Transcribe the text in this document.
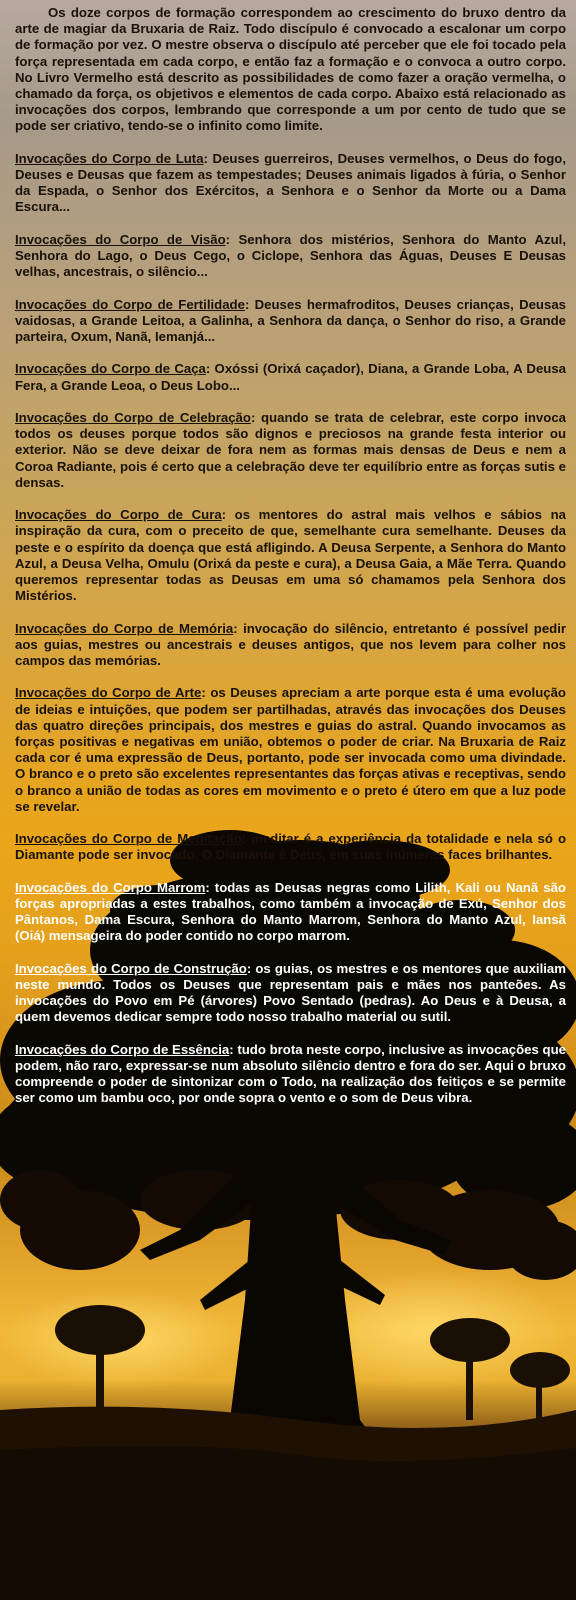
Os doze corpos de formação correspondem ao crescimento do bruxo dentro da arte de magiar da Bruxaria de Raiz. Todo discípulo é convocado a escalonar um corpo de formação por vez. O mestre observa o discípulo até perceber que ele foi tocado pela força representada em cada corpo, e então faz a formação e o convoca a outro corpo. No Livro Vermelho está descrito as possibilidades de como fazer a oração vermelha, o chamado da força, os objetivos e elementos de cada corpo. Abaixo está relacionado as invocações dos corpos, lembrando que corresponde a um por cento de tudo que se pode ser criativo, tendo-se o infinito como limite.

Invocações do Corpo de Luta: Deuses guerreiros, Deuses vermelhos, o Deus do fogo, Deuses e Deusas que fazem as tempestades; Deuses animais ligados à fúria, o Senhor da Espada, o Senhor dos Exércitos, a Senhora e o Senhor da Morte ou a Dama Escura...

Invocações do Corpo de Visão: Senhora dos mistérios, Senhora do Manto Azul, Senhora do Lago, o Deus Cego, o Ciclope, Senhora das Águas, Deuses E Deusas velhas, ancestrais, o silêncio...

Invocações do Corpo de Fertilidade: Deuses hermafroditos, Deuses crianças, Deusas vaidosas, a Grande Leitoa, a Galinha, a Senhora da dança, o Senhor do riso, a Grande parteira, Oxum, Nanã, Iemanjá...

Invocações do Corpo de Caça: Oxóssi (Orixá caçador), Diana, a Grande Loba, A Deusa Fera, a Grande Leoa, o Deus Lobo...

Invocações do Corpo de Celebração: quando se trata de celebrar, este corpo invoca todos os deuses porque todos são dignos e preciosos na grande festa interior ou exterior. Não se deve deixar de fora nem as formas mais densas de Deus e nem a Coroa Radiante, pois é certo que a celebração deve ter equilíbrio entre as forças sutis e densas.

Invocações do Corpo de Cura: os mentores do astral mais velhos e sábios na inspiração da cura, com o preceito de que, semelhante cura semelhante. Deuses da peste e o espírito da doença que está afligindo. A Deusa Serpente, a Senhora do Manto Azul, a Deusa Velha, Omulu (Orixá da peste e cura), a Deusa Gaia, a Mãe Terra. Quando queremos representar todas as Deusas em uma só chamamos pela Senhora dos Mistérios.

Invocações do Corpo de Memória: invocação do silêncio, entretanto é possível pedir aos guias, mestres ou ancestrais e deuses antigos, que nos levem para colher nos campos das memórias.

Invocações do Corpo de Arte: os Deuses apreciam a arte porque esta é uma evolução de ideias e intuições, que podem ser partilhadas, através das invocações dos Deuses das quatro direções principais, dos mestres e guias do astral. Quando invocamos as forças positivas e negativas em união, obtemos o poder de criar. Na Bruxaria de Raiz cada cor é uma expressão de Deus, portanto, pode ser invocada como uma divindade. O branco e o preto são excelentes representantes das forças ativas e receptivas, sendo o branco a união de todas as cores em movimento e o preto é útero em que a luz pode se revelar.

Invocações do Corpo de Meditação: meditar é a experiência da totalidade e nela só o Diamante pode ser invocado. O Diamante é Deus, em suas inúmeras faces brilhantes.

Invocações do Corpo Marrom: todas as Deusas negras como Lilith, Kali ou Nanã são forças apropriadas a estes trabalhos, como também a invocação de Exú, Senhor dos Pântanos, Dama Escura, Senhora do Manto Marrom, Senhora do Manto Azul, Iansã (Oiá) mensageira do poder contido no corpo marrom.

Invocações do Corpo de Construção: os guias, os mestres e os mentores que auxiliam neste mundo. Todos os Deuses que representam pais e mães nos panteões. As invocações do Povo em Pé (árvores) Povo Sentado (pedras). Ao Deus e à Deusa, a quem devemos dedicar sempre todo nosso trabalho material ou sutil.

Invocações do Corpo de Essência: tudo brota neste corpo, inclusive as invocações que podem, não raro, expressar-se num absoluto silêncio dentro e fora do ser. Aqui o bruxo compreende o poder de sintonizar com o Todo, na realização dos feitiços e se permite ser como um bambu oco, por onde sopra o vento e o som de Deus vibra.
